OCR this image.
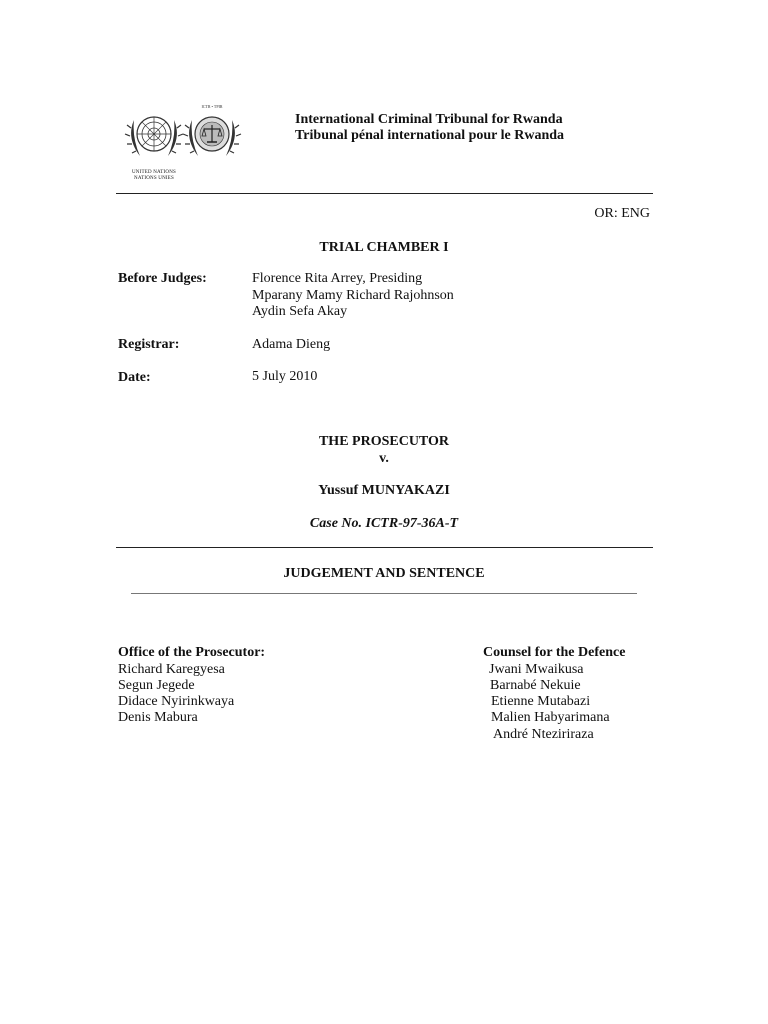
ICTR • TPIR
UNITED NATIONS
NATIONS UNIES
International Criminal Tribunal for Rwanda
Tribunal pénal international pour le Rwanda
OR: ENG
TRIAL CHAMBER I
Before Judges:	Florence Rita Arrey, Presiding
Mparany Mamy Richard Rajohnson
Aydin Sefa Akay
Registrar:	Adama Dieng
Date:	5 July 2010
THE PROSECUTOR
v.
Yussuf MUNYAKAZI
Case No. ICTR-97-36A-T
JUDGEMENT AND SENTENCE
Office of the Prosecutor:
Richard Karegyesa
Segun Jegede
Didace Nyirinkwaya
Denis Mabura
Counsel for the Defence
Jwani Mwaikusa
Barnabé Nekuie
Etienne Mutabazi
Malien Habyarimana
André Nteziriraza
